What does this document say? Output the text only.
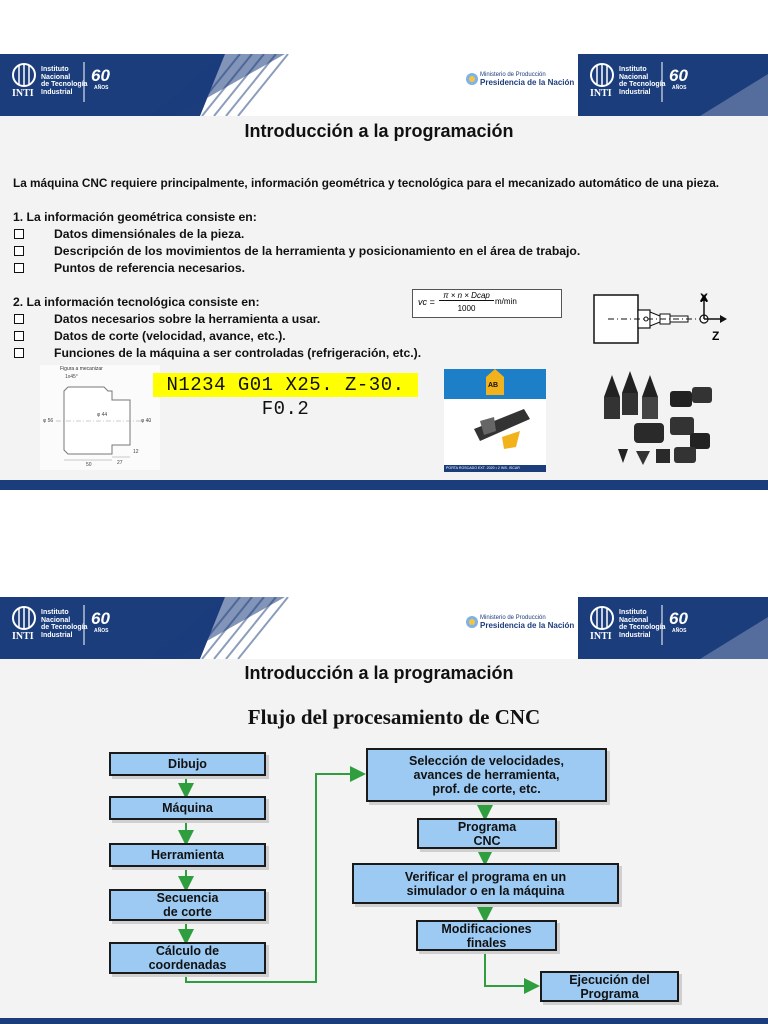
Instituto
Nacional
de Tecnología
Industrial
INTI
60
AÑOS
Ministerio de Producción
Presidencia de la Nación
Instituto
Nacional
de Tecnología
Industrial
INTI
60
AÑOS
Introducción a la programación
La máquina CNC requiere principalmente, información geométrica y tecnológica para el mecanizado automático de una pieza.
1. La información geométrica consiste en:
Datos dimensiónales de la pieza.
Descripción de los movimientos de la herramienta y posicionamiento en el área de trabajo.
Puntos de referencia necesarios.
2. La información tecnológica consiste en:
Datos necesarios sobre la herramienta a usar.
Datos de corte (velocidad, avance, etc.).
Funciones de la máquina a ser controladas (refrigeración, etc.).
vc =
π × n × Dcap
1000
m/min	X
Z
Figura a mecanizar
1x45°
φ 56
φ 44
φ 40
50	27
12
N1234 G01 X25. Z-30. F0.2
AB
PORTA ROSCADO EXT. 2020 • 2 INS. ISCAR
Instituto
Nacional
de Tecnología
Industrial
INTI
60
AÑOS
Ministerio de Producción
Presidencia de la Nación
Instituto
Nacional
de Tecnología
Industrial
INTI
60
AÑOS
Introducción a la programación
Flujo del procesamiento de CNC
Dibujo
Máquina
Herramienta
Secuencia
de corte
Cálculo de
coordenadas
Selección de velocidades,
avances de herramienta,
prof. de corte, etc.
Programa
CNC
Verificar el programa en un
simulador o en la máquina
Modificaciones
finales
Ejecución del
Programa
